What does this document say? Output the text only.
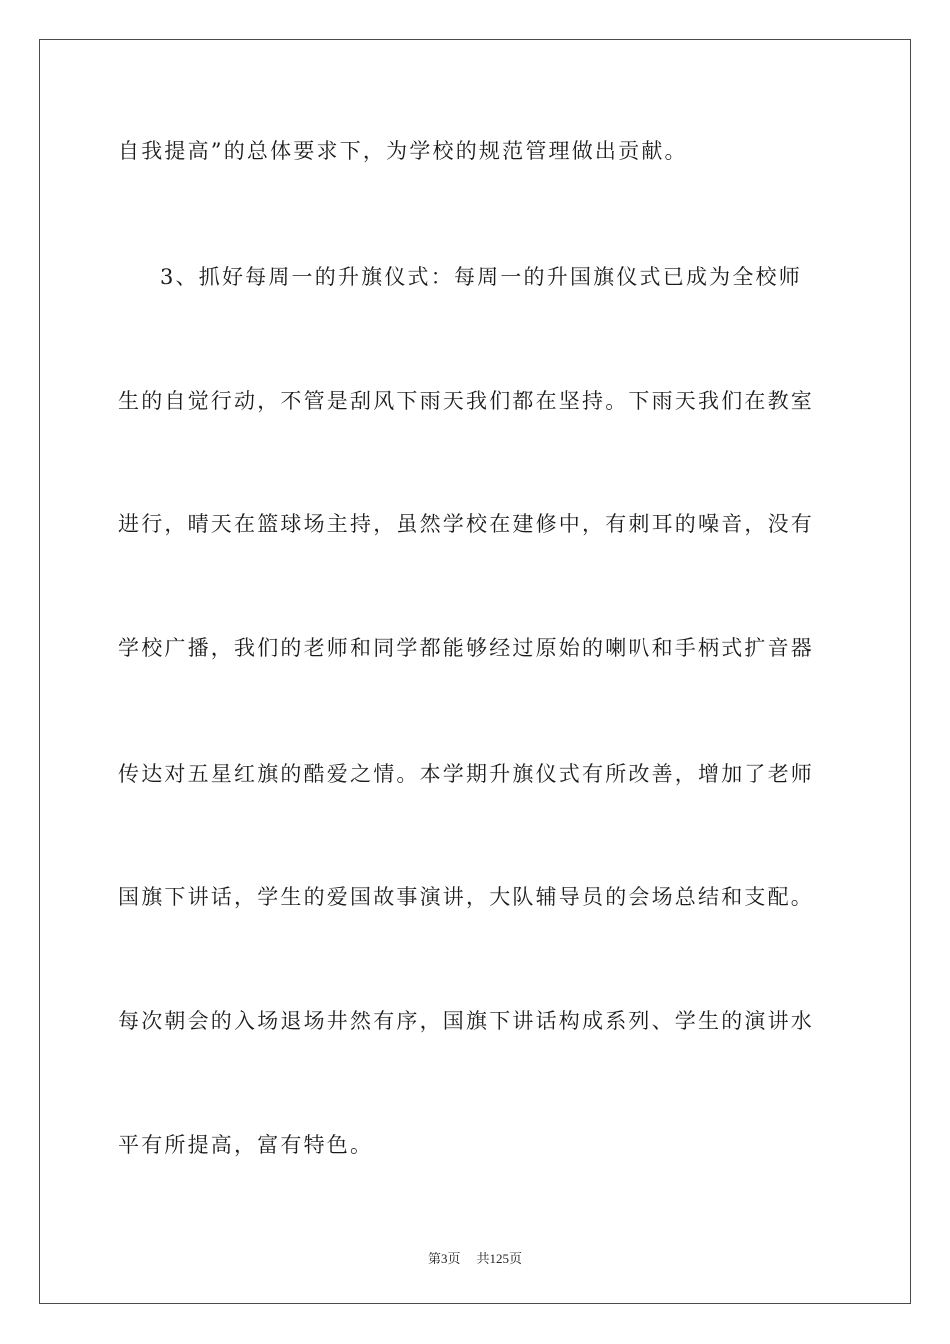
自我提高”的总体要求下，为学校的规范管理做出贡献。
3、抓好每周一的升旗仪式：每周一的升国旗仪式已成为全校师
生的自觉行动，不管是刮风下雨天我们都在坚持。下雨天我们在教室
进行，晴天在篮球场主持，虽然学校在建修中，有刺耳的噪音，没有
学校广播，我们的老师和同学都能够经过原始的喇叭和手柄式扩音器
传达对五星红旗的酷爱之情。本学期升旗仪式有所改善，增加了老师
国旗下讲话，学生的爱国故事演讲，大队辅导员的会场总结和支配。
每次朝会的入场退场井然有序，国旗下讲话构成系列、学生的演讲水
平有所提高，富有特色。
第3页 共125页
